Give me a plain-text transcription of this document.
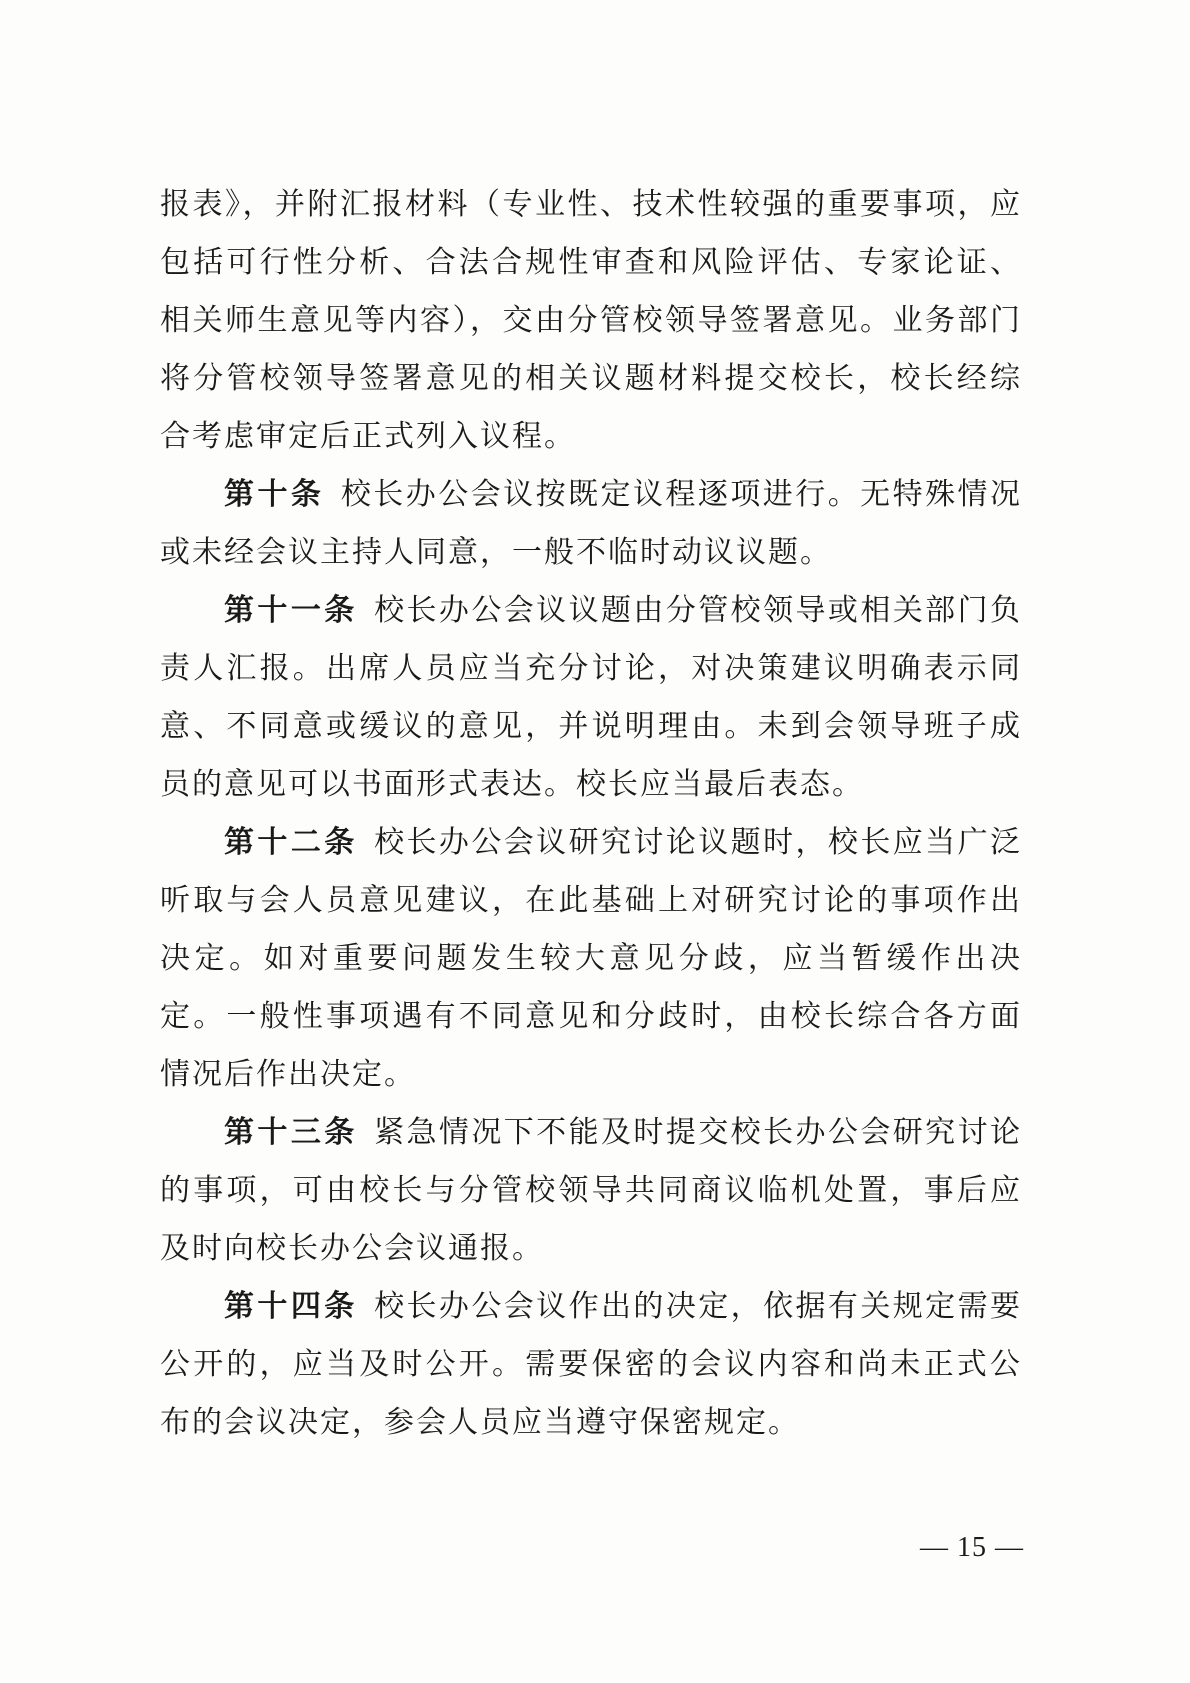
报表》，并附汇报材料（专业性、技术性较强的重要事项，应包括可行性分析、合法合规性审查和风险评估、专家论证、相关师生意见等内容），交由分管校领导签署意见。业务部门将分管校领导签署意见的相关议题材料提交校长，校长经综合考虑审定后正式列入议程。

第十条 校长办公会议按既定议程逐项进行。无特殊情况或未经会议主持人同意，一般不临时动议议题。

第十一条 校长办公会议议题由分管校领导或相关部门负责人汇报。出席人员应当充分讨论，对决策建议明确表示同意、不同意或缓议的意见，并说明理由。未到会领导班子成员的意见可以书面形式表达。校长应当最后表态。

第十二条 校长办公会议研究讨论议题时，校长应当广泛听取与会人员意见建议，在此基础上对研究讨论的事项作出决定。如对重要问题发生较大意见分歧，应当暂缓作出决定。一般性事项遇有不同意见和分歧时，由校长综合各方面情况后作出决定。

第十三条 紧急情况下不能及时提交校长办公会研究讨论的事项，可由校长与分管校领导共同商议临机处置，事后应及时向校长办公会议通报。

第十四条 校长办公会议作出的决定，依据有关规定需要公开的，应当及时公开。需要保密的会议内容和尚未正式公布的会议决定，参会人员应当遵守保密规定。

— 15 —
